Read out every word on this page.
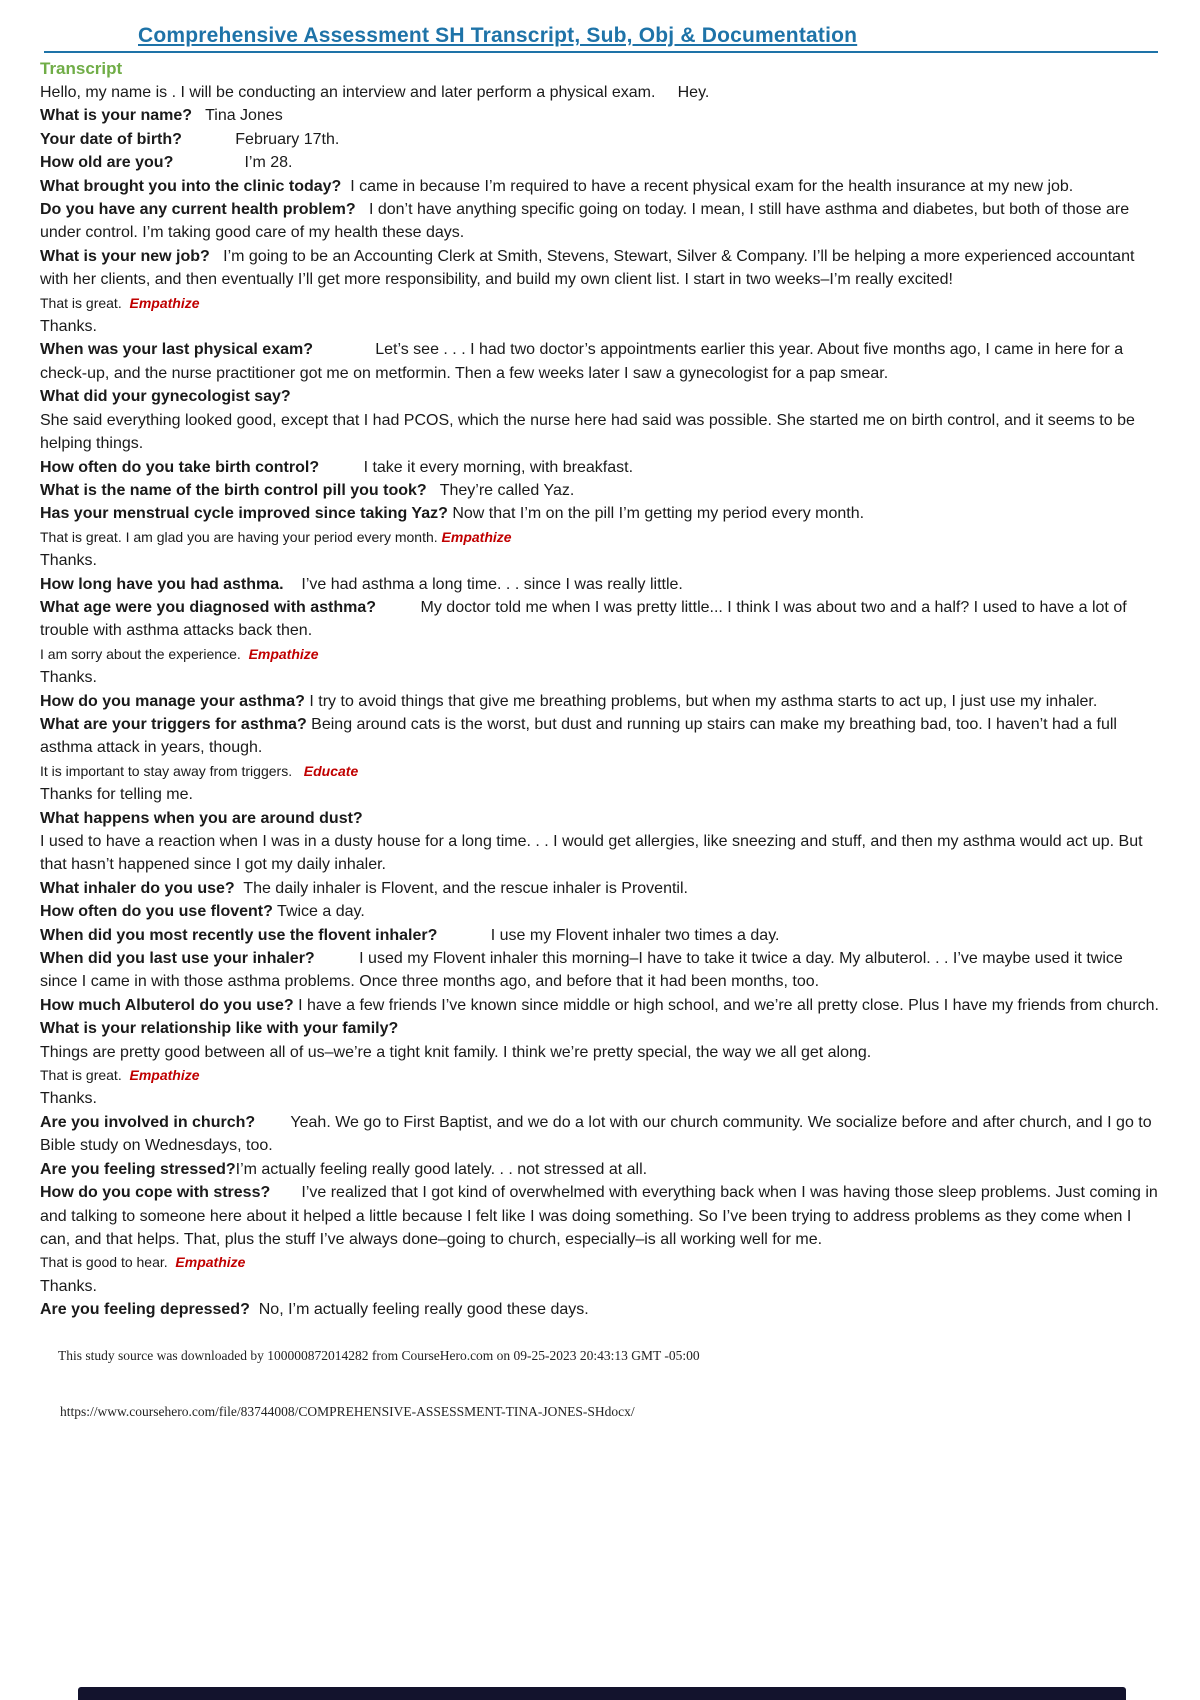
Comprehensive Assessment SH Transcript, Sub, Obj & Documentation
Transcript

Hello, my name is . I will be conducting an interview and later perform a physical exam.     Hey.

What is your name?   Tina Jones

Your date of birth?            February 17th.

How old are you?                I’m 28.

What brought you into the clinic today?  I came in because I’m required to have a recent physical exam for the health insurance at my new job.

Do you have any current health problem?   I don’t have anything specific going on today. I mean, I still have asthma and diabetes, but both of those are under control. I’m taking good care of my health these days.

What is your new job?   I’m going to be an Accounting Clerk at Smith, Stevens, Stewart, Silver & Company. I’ll be helping a more experienced accountant with her clients, and then eventually I’ll get more responsibility, and build my own client list. I start in two weeks–I’m really excited!

That is great.  Empathize

Thanks.

When was your last physical exam?              Let’s see . . . I had two doctor’s appointments earlier this year. About five months ago, I came in here for a check-up, and the nurse practitioner got me on metformin. Then a few weeks later I saw a gynecologist for a pap smear.

What did your gynecologist say?

She said everything looked good, except that I had PCOS, which the nurse here had said was possible. She started me on birth control, and it seems to be helping things.

How often do you take birth control?          I take it every morning, with breakfast.

What is the name of the birth control pill you took?   They’re called Yaz.

Has your menstrual cycle improved since taking Yaz? Now that I’m on the pill I’m getting my period every month.

That is great. I am glad you are having your period every month. Empathize

Thanks.

How long have you had asthma.    I’ve had asthma a long time. . . since I was really little.

What age were you diagnosed with asthma?          My doctor told me when I was pretty little... I think I was about two and a half? I used to have a lot of trouble with asthma attacks back then.

I am sorry about the experience.  Empathize

Thanks.

How do you manage your asthma? I try to avoid things that give me breathing problems, but when my asthma starts to act up, I just use my inhaler.

What are your triggers for asthma? Being around cats is the worst, but dust and running up stairs can make my breathing bad, too. I haven’t had a full asthma attack in years, though.

It is important to stay away from triggers.   Educate

Thanks for telling me.

What happens when you are around dust?

I used to have a reaction when I was in a dusty house for a long time. . . I would get allergies, like sneezing and stuff, and then my asthma would act up. But that hasn’t happened since I got my daily inhaler.

What inhaler do you use?  The daily inhaler is Flovent, and the rescue inhaler is Proventil.

How often do you use flovent? Twice a day.

When did you most recently use the flovent inhaler?            I use my Flovent inhaler two times a day.

When did you last use your inhaler?          I used my Flovent inhaler this morning–I have to take it twice a day. My albuterol. . . I’ve maybe used it twice since I came in with those asthma problems. Once three months ago, and before that it had been months, too.

How much Albuterol do you use? I have a few friends I’ve known since middle or high school, and we’re all pretty close. Plus I have my friends from church.

What is your relationship like with your family?

Things are pretty good between all of us–we’re a tight knit family. I think we’re pretty special, the way we all get along.

That is great.  Empathize

Thanks.

Are you involved in church?        Yeah. We go to First Baptist, and we do a lot with our church community. We socialize before and after church, and I go to Bible study on Wednesdays, too.

Are you feeling stressed?I’m actually feeling really good lately. . . not stressed at all.

How do you cope with stress?       I’ve realized that I got kind of overwhelmed with everything back when I was having those sleep problems. Just coming in and talking to someone here about it helped a little because I felt like I was doing something. So I’ve been trying to address problems as they come when I can, and that helps. That, plus the stuff I’ve always done–going to church, especially–is all working well for me.

That is good to hear.  Empathize

Thanks.

Are you feeling depressed?  No, I’m actually feeling really good these days.

This study source was downloaded by 100000872014282 from CourseHero.com on 09-25-2023 20:43:13 GMT -05:00

https://www.coursehero.com/file/83744008/COMPREHENSIVE-ASSESSMENT-TINA-JONES-SHdocx/
